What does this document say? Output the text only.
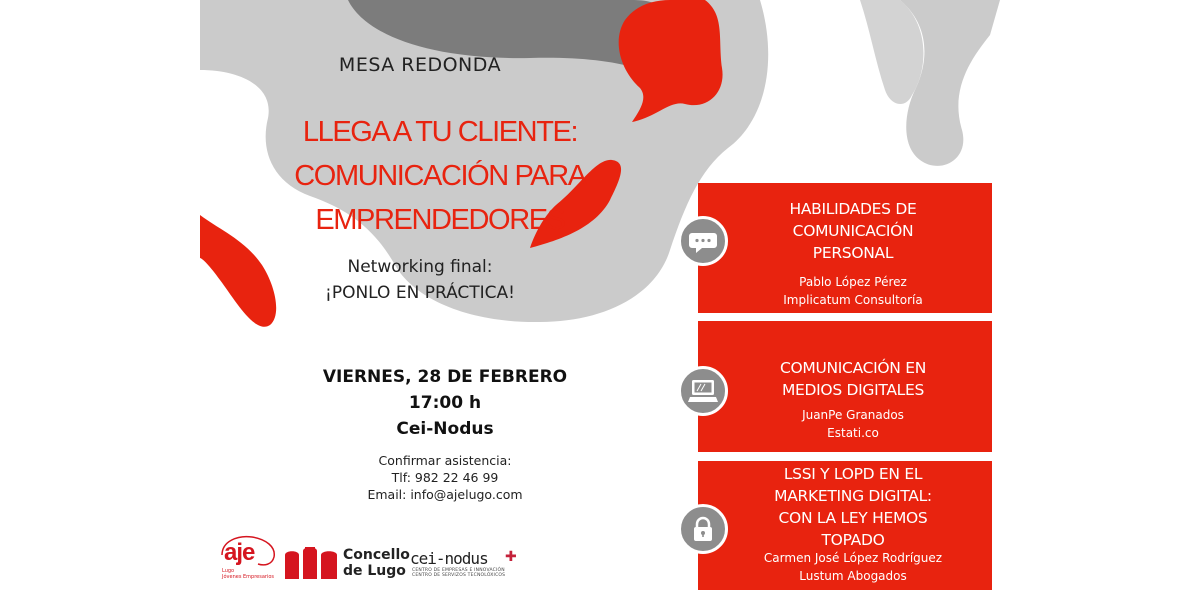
MESA REDONDA
LLEGA A TU CLIENTE:
COMUNICACIÓN PARA
EMPRENDEDORES
Networking final:
¡PONLO EN PRÁCTICA!
VIERNES, 28 DE FEBRERO
17:00 h
Cei-Nodus
Confirmar asistencia:
Tlf: 982 22 46 99
Email: info@ajelugo.com
HABILIDADES DE
COMUNICACIÓN
PERSONAL
Pablo López Pérez
Implicatum Consultoría
COMUNICACIÓN EN
MEDIOS DIGITALES
JuanPe Granados
Estati.co
LSSI Y LOPD EN EL
MARKETING DIGITAL:
CON LA LEY HEMOS
TOPADO
Carmen José López Rodríguez
Lustum Abogados
aje
Lugo
Jóvenes Empresarios
Concello
de Lugo
cei-nodus ✚
CENTRO DE EMPRESAS E INNOVACIÓN
CENTRO DE SERVIZOS TECNOLÓXICOS
